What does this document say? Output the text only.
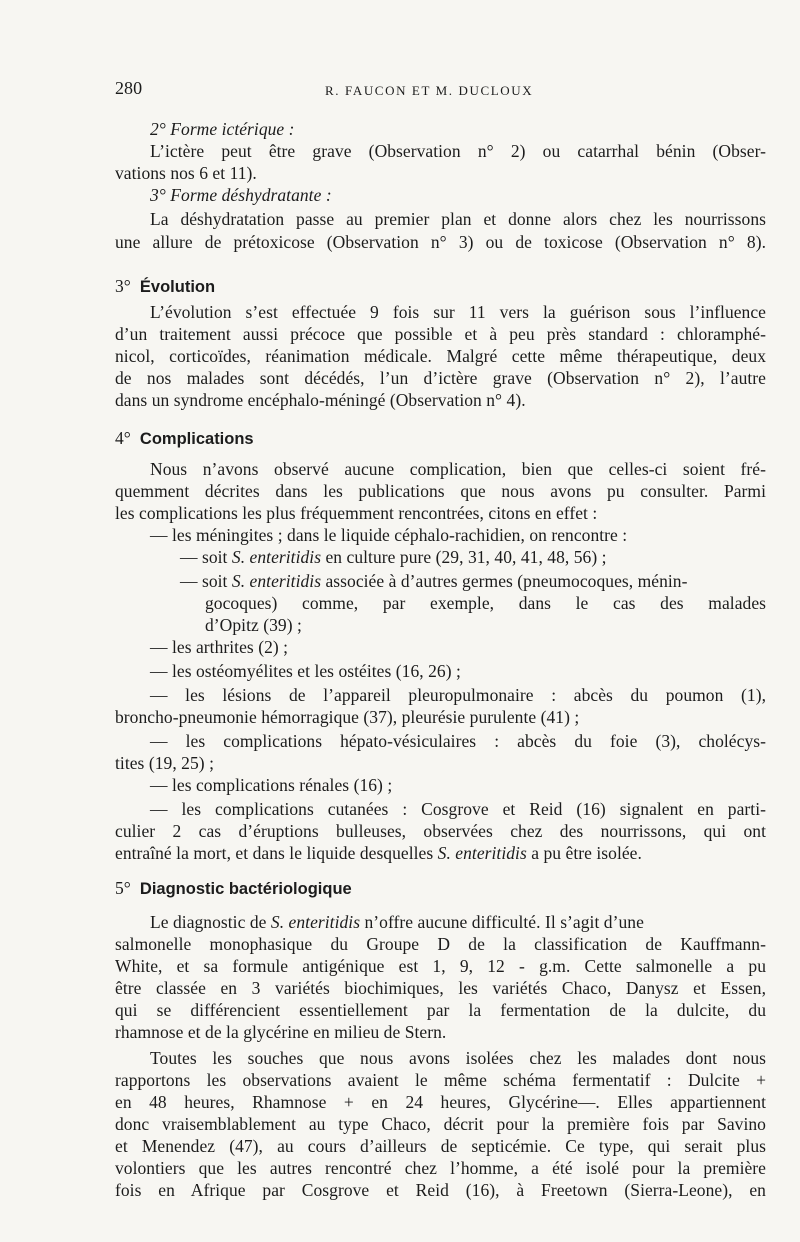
280	R. FAUCON ET M. DUCLOUX
2° Forme ictérique :
L’ictère peut être grave (Observation n° 2) ou catarrhal bénin (Obser-
vations nos 6 et 11).
3° Forme déshydratante :
La déshydratation passe au premier plan et donne alors chez les nourrissons
une allure de prétoxicose (Observation n° 3) ou de toxicose (Observation n° 8).
3° Évolution
L’évolution s’est effectuée 9 fois sur 11 vers la guérison sous l’influence
d’un traitement aussi précoce que possible et à peu près standard : chloramphé-
nicol, corticoïdes, réanimation médicale. Malgré cette même thérapeutique, deux
de nos malades sont décédés, l’un d’ictère grave (Observation n° 2), l’autre
dans un syndrome encéphalo-méningé (Observation n° 4).
4° Complications
Nous n’avons observé aucune complication, bien que celles-ci soient fré-
quemment décrites dans les publications que nous avons pu consulter. Parmi
les complications les plus fréquemment rencontrées, citons en effet :
— les méningites ; dans le liquide céphalo-rachidien, on rencontre :
— soit S. enteritidis en culture pure (29, 31, 40, 41, 48, 56) ;
— soit S. enteritidis associée à d’autres germes (pneumocoques, ménin-
gocoques) comme, par exemple, dans le cas des malades
d’Opitz (39) ;
— les arthrites (2) ;
— les ostéomyélites et les ostéites (16, 26) ;
— les lésions de l’appareil pleuropulmonaire : abcès du poumon (1),
broncho-pneumonie hémorragique (37), pleurésie purulente (41) ;
— les complications hépato-vésiculaires : abcès du foie (3), cholécys-
tites (19, 25) ;
— les complications rénales (16) ;
— les complications cutanées : Cosgrove et Reid (16) signalent en parti-
culier 2 cas d’éruptions bulleuses, observées chez des nourrissons, qui ont
entraîné la mort, et dans le liquide desquelles S. enteritidis a pu être isolée.
5° Diagnostic bactériologique
Le diagnostic de S. enteritidis n’offre aucune difficulté. Il s’agit d’une
salmonelle monophasique du Groupe D de la classification de Kauffmann-
White, et sa formule antigénique est 1, 9, 12 - g.m. Cette salmonelle a pu
être classée en 3 variétés biochimiques, les variétés Chaco, Danysz et Essen,
qui se différencient essentiellement par la fermentation de la dulcite, du
rhamnose et de la glycérine en milieu de Stern.
Toutes les souches que nous avons isolées chez les malades dont nous
rapportons les observations avaient le même schéma fermentatif : Dulcite +
en 48 heures, Rhamnose + en 24 heures, Glycérine—. Elles appartiennent
donc vraisemblablement au type Chaco, décrit pour la première fois par Savino
et Menendez (47), au cours d’ailleurs de septicémie. Ce type, qui serait plus
volontiers que les autres rencontré chez l’homme, a été isolé pour la première
fois en Afrique par Cosgrove et Reid (16), à Freetown (Sierra-Leone), en
